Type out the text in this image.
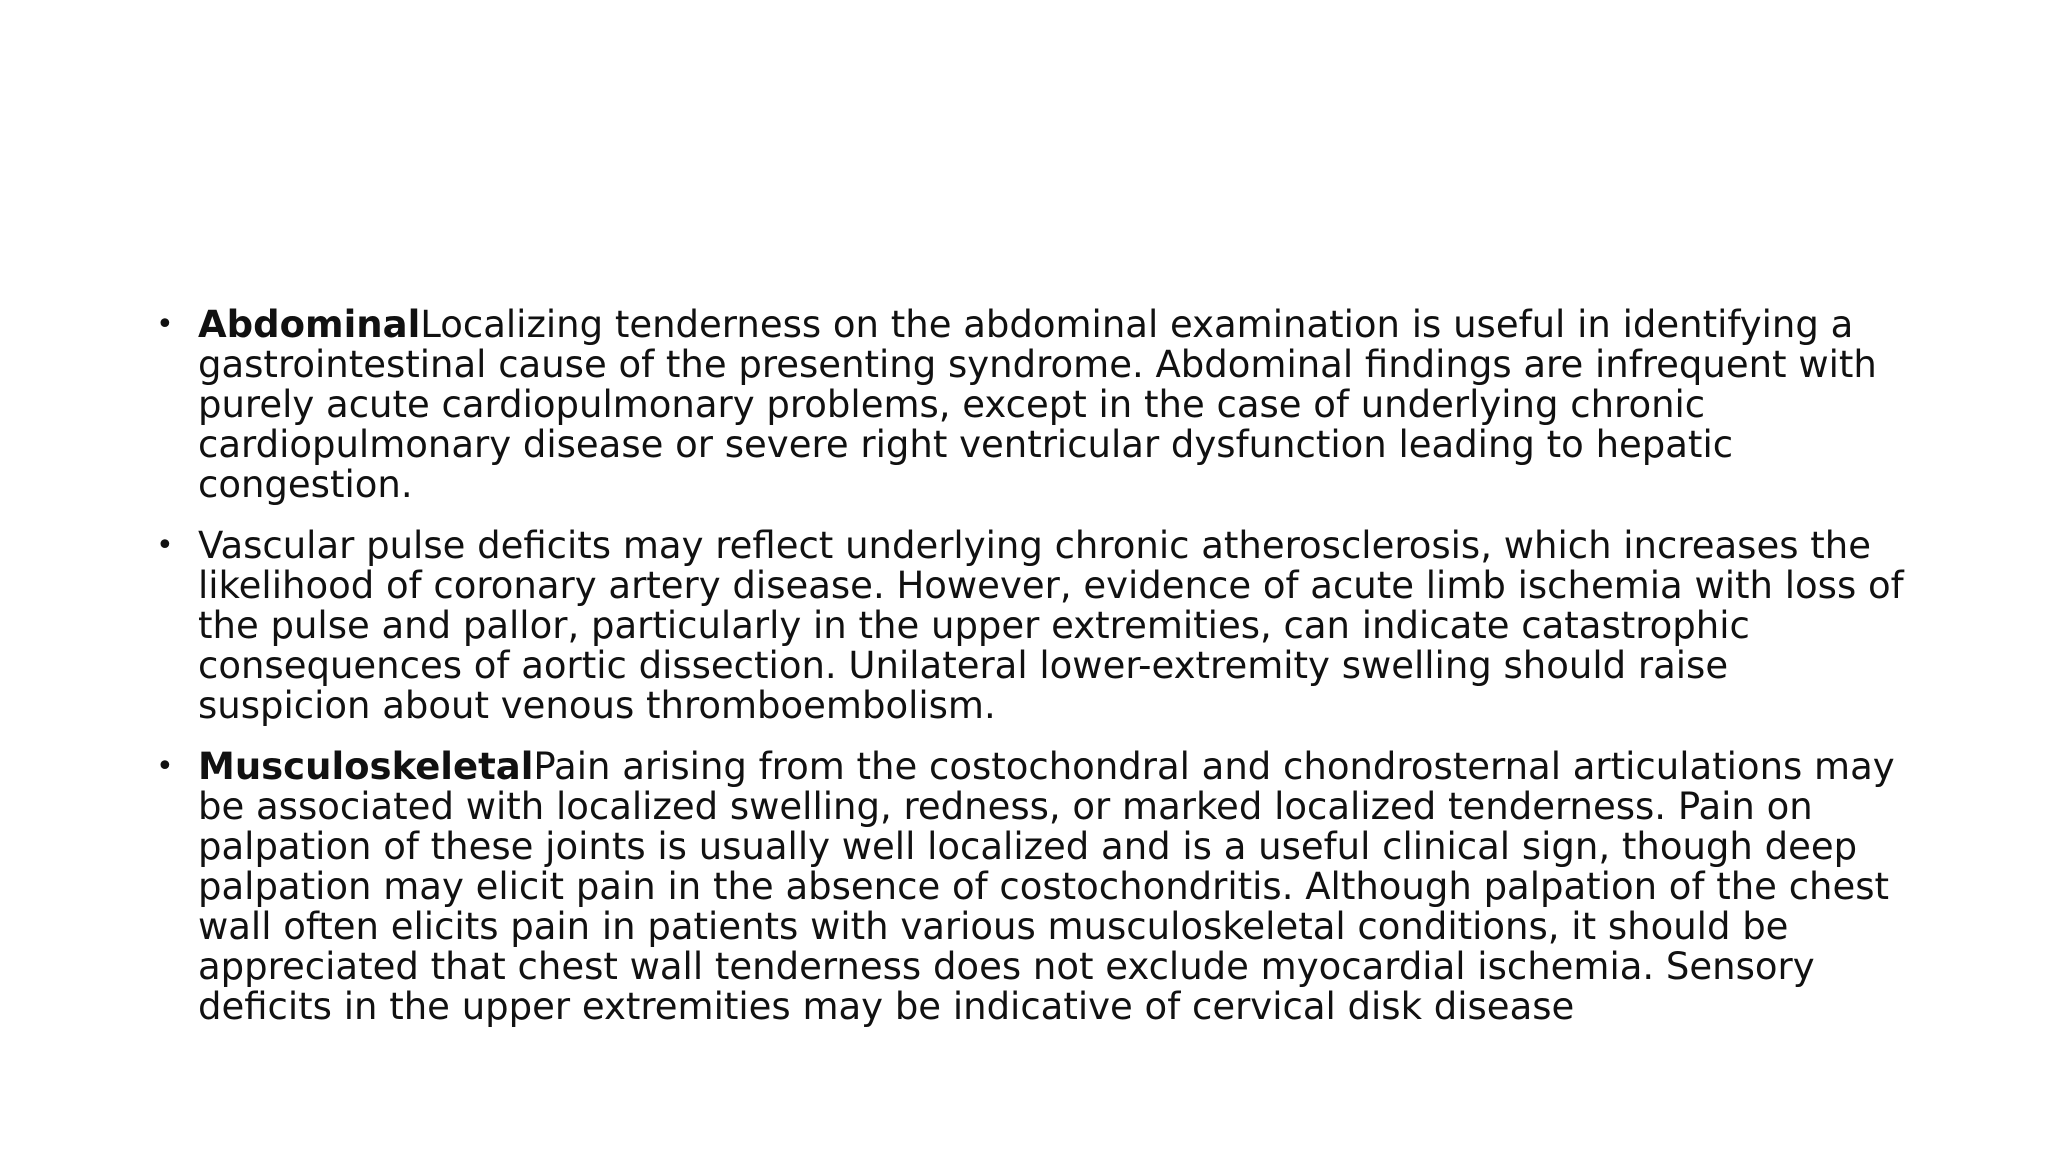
• AbdominalLocalizing tenderness on the abdominal examination is useful in identifying a gastrointestinal cause of the presenting syndrome. Abdominal findings are infrequent with purely acute cardiopulmonary problems, except in the case of underlying chronic cardiopulmonary disease or severe right ventricular dysfunction leading to hepatic congestion.
• Vascular pulse deficits may reflect underlying chronic atherosclerosis, which increases the likelihood of coronary artery disease. However, evidence of acute limb ischemia with loss of the pulse and pallor, particularly in the upper extremities, can indicate catastrophic consequences of aortic dissection. Unilateral lower-extremity swelling should raise suspicion about venous thromboembolism.
• MusculoskeletalPain arising from the costochondral and chondrosternal articulations may be associated with localized swelling, redness, or marked localized tenderness. Pain on palpation of these joints is usually well localized and is a useful clinical sign, though deep palpation may elicit pain in the absence of costochondritis. Although palpation of the chest wall often elicits pain in patients with various musculoskeletal conditions, it should be appreciated that chest wall tenderness does not exclude myocardial ischemia. Sensory deficits in the upper extremities may be indicative of cervical disk disease
